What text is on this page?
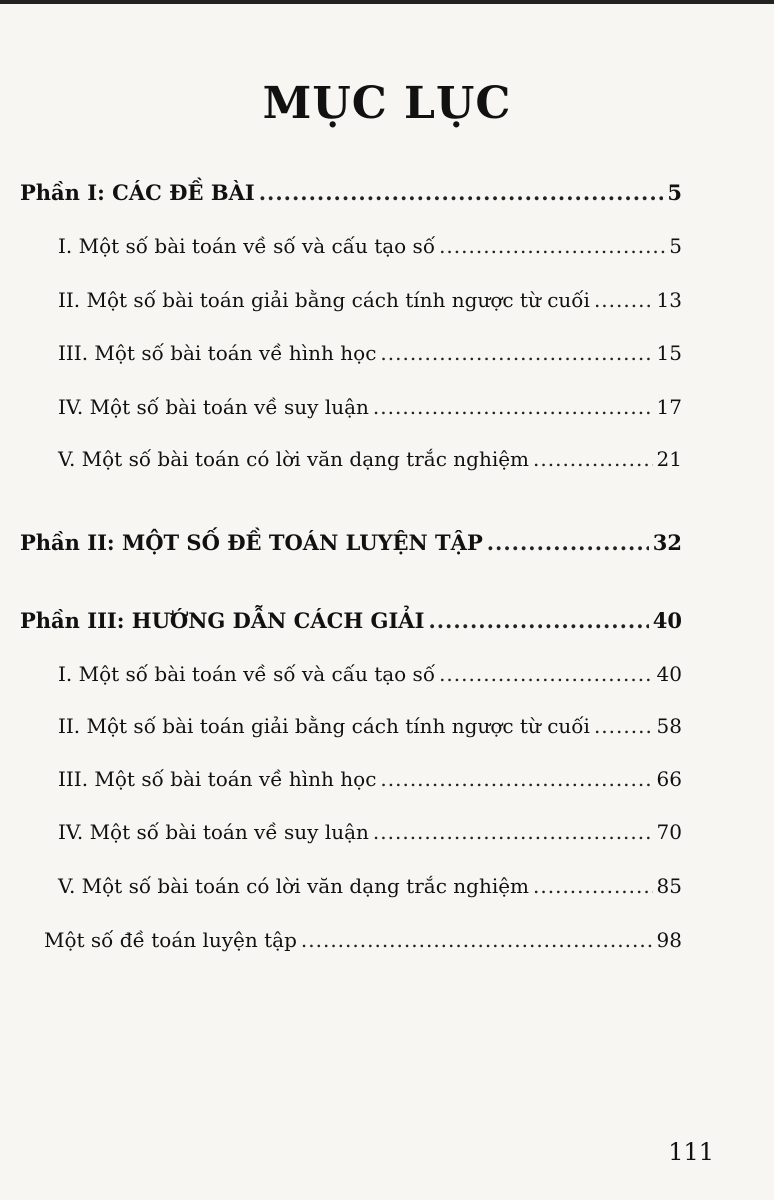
MỤC LỤC
Phần I: CÁC ĐỀ BÀI .....	5
I. Một số bài toán về số và cấu tạo số .....	5
II. Một số bài toán giải bằng cách tính ngược từ cuối .....	13
III. Một số bài toán về hình học .....	15
IV. Một số bài toán về suy luận .....	17
V. Một số bài toán có lời văn dạng trắc nghiệm .....	21
Phần II: MỘT SỐ ĐỀ TOÁN LUYỆN TẬP .....	32
Phần III: HƯỚNG DẪN CÁCH GIẢI .....	40
I. Một số bài toán về số và cấu tạo số .....	40
II. Một số bài toán giải bằng cách tính ngược từ cuối .....	58
III. Một số bài toán về hình học .....	66
IV. Một số bài toán về suy luận .....	70
V. Một số bài toán có lời văn dạng trắc nghiệm .....	85
Một số đề toán luyện tập .....	98
111
